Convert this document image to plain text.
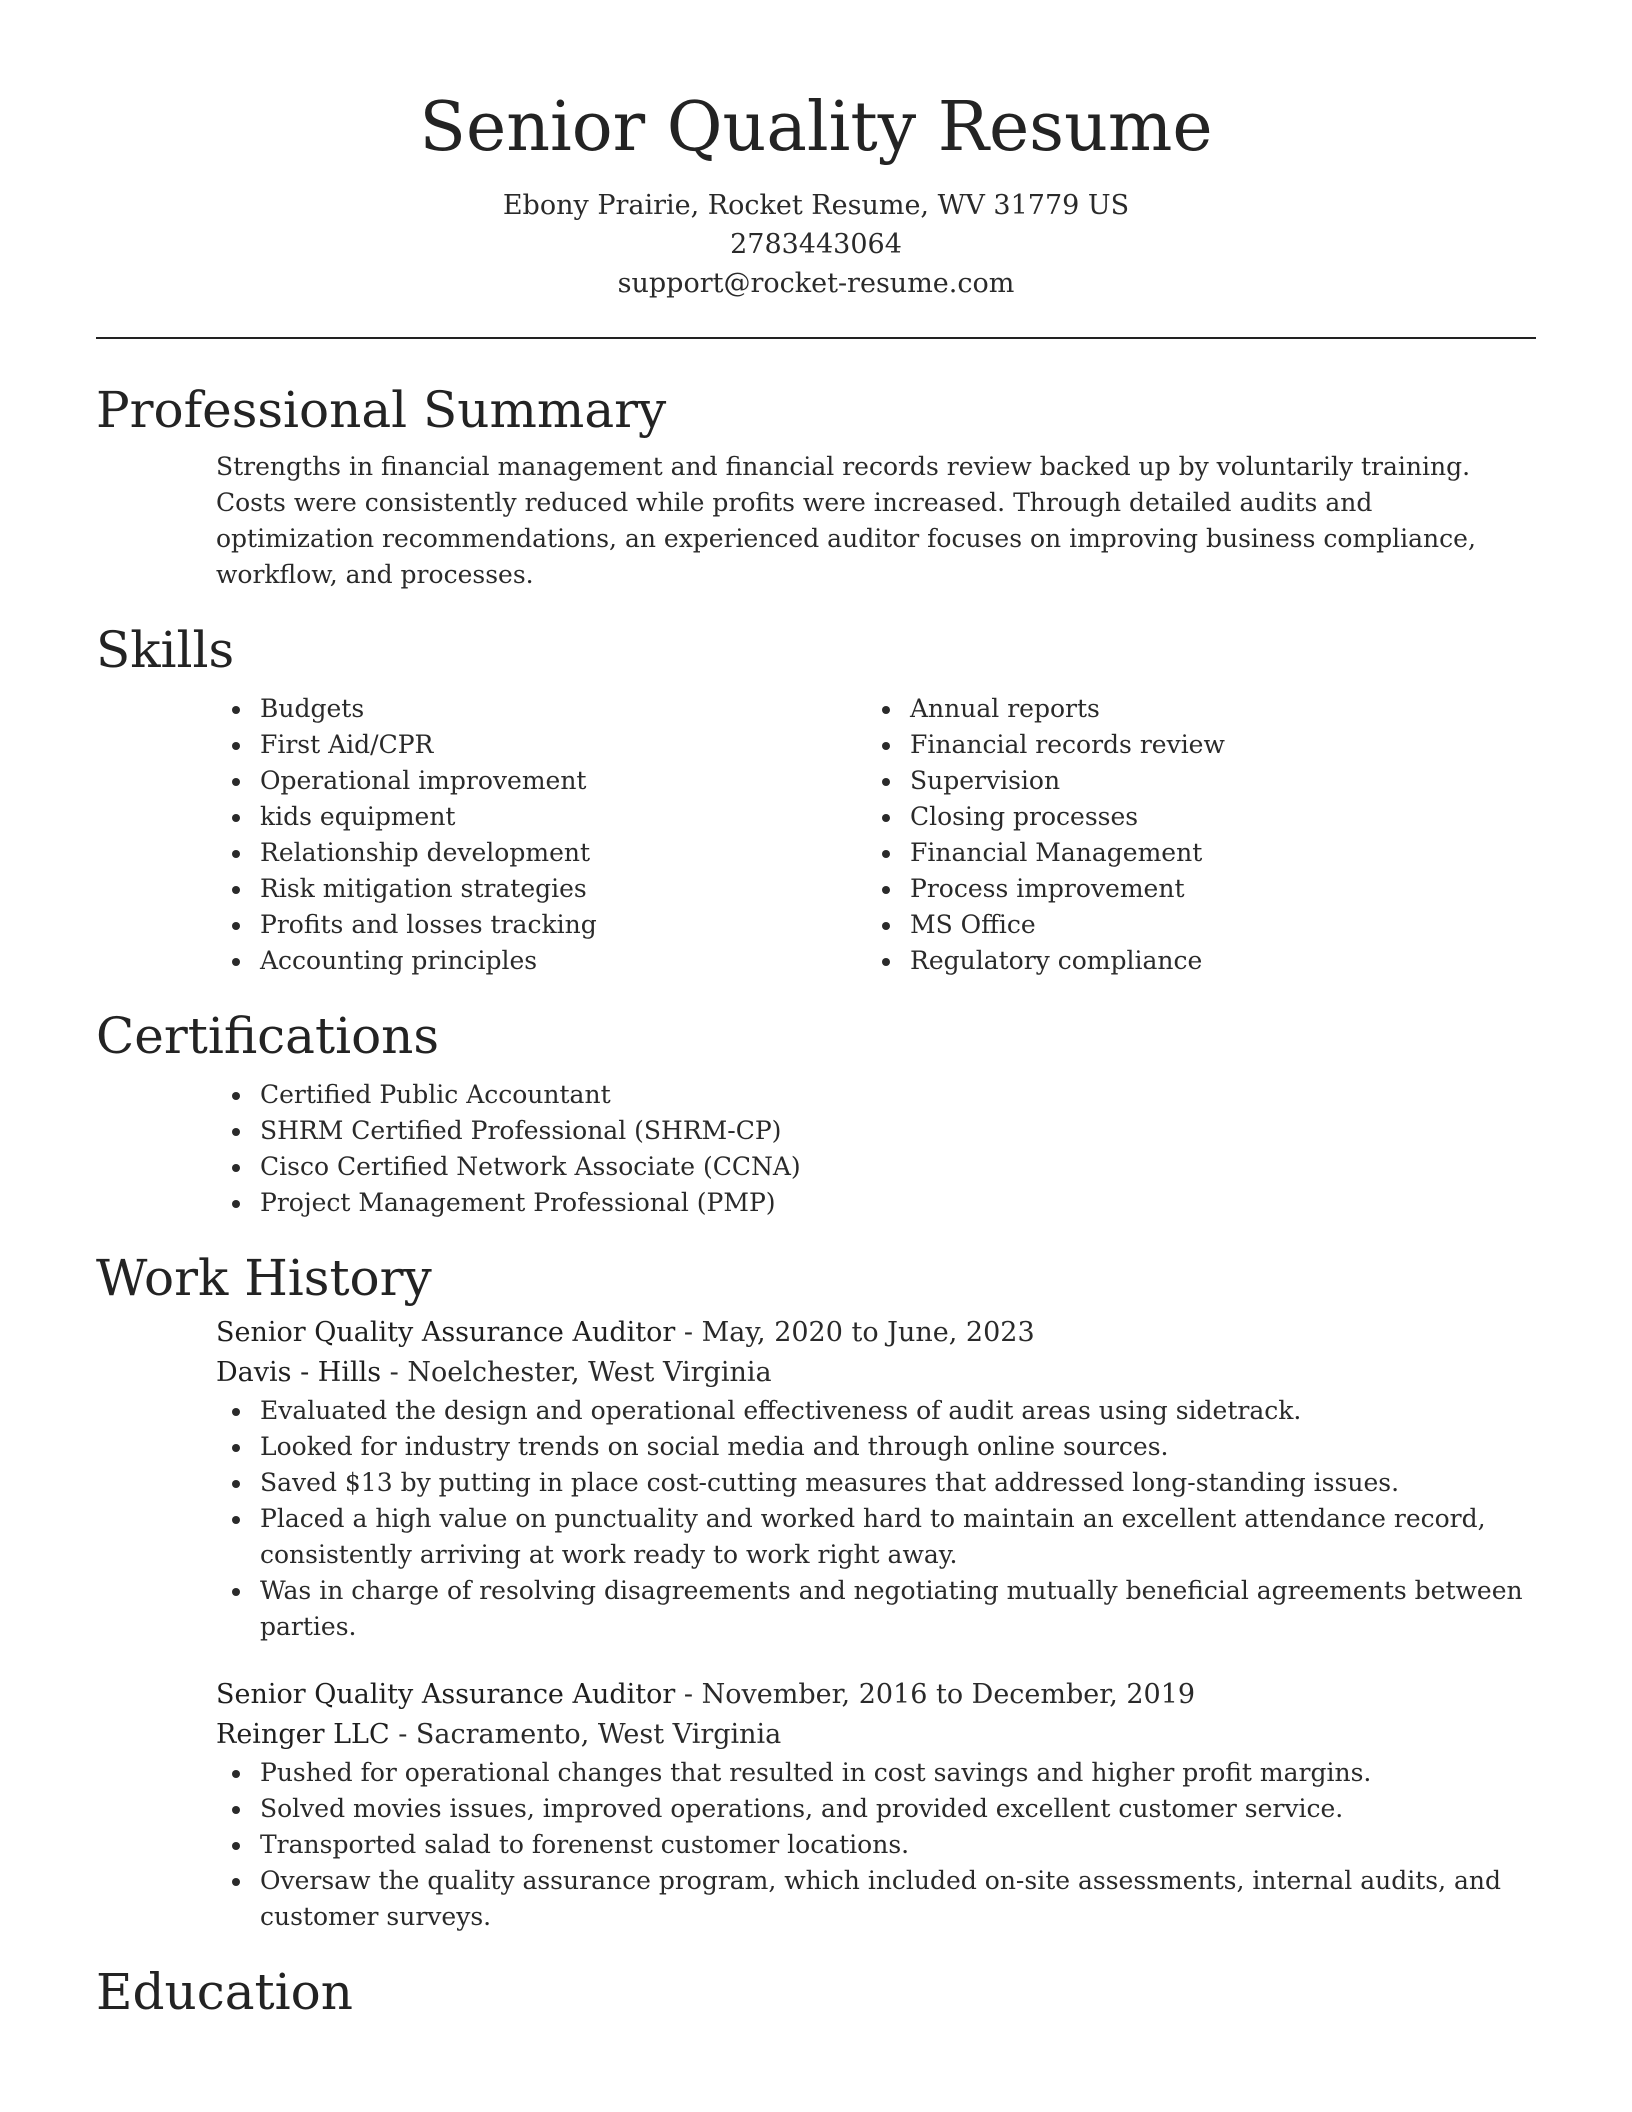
Senior Quality Resume
Ebony Prairie, Rocket Resume, WV 31779 US
2783443064
support@rocket-resume.com
Professional Summary

Strengths in financial management and financial records review backed up by voluntarily training. Costs were consistently reduced while profits were increased. Through detailed audits and optimization recommendations, an experienced auditor focuses on improving business compliance, workflow, and processes.

Skills
Budgets
First Aid/CPR
Operational improvement
kids equipment
Relationship development
Risk mitigation strategies
Profits and losses tracking
Accounting principles
Annual reports
Financial records review
Supervision
Closing processes
Financial Management
Process improvement
MS Office
Regulatory compliance
Certifications
Certified Public Accountant
SHRM Certified Professional (SHRM-CP)
Cisco Certified Network Associate (CCNA)
Project Management Professional (PMP)
Work History
Senior Quality Assurance Auditor - May, 2020 to June, 2023
Davis - Hills - Noelchester, West Virginia
Evaluated the design and operational effectiveness of audit areas using sidetrack.
Looked for industry trends on social media and through online sources.
Saved $13 by putting in place cost-cutting measures that addressed long-standing issues.
Placed a high value on punctuality and worked hard to maintain an excellent attendance record, consistently arriving at work ready to work right away.
Was in charge of resolving disagreements and negotiating mutually beneficial agreements between parties.
Senior Quality Assurance Auditor - November, 2016 to December, 2019
Reinger LLC - Sacramento, West Virginia
Pushed for operational changes that resulted in cost savings and higher profit margins.
Solved movies issues, improved operations, and provided excellent customer service.
Transported salad to forenenst customer locations.
Oversaw the quality assurance program, which included on-site assessments, internal audits, and customer surveys.
Education
